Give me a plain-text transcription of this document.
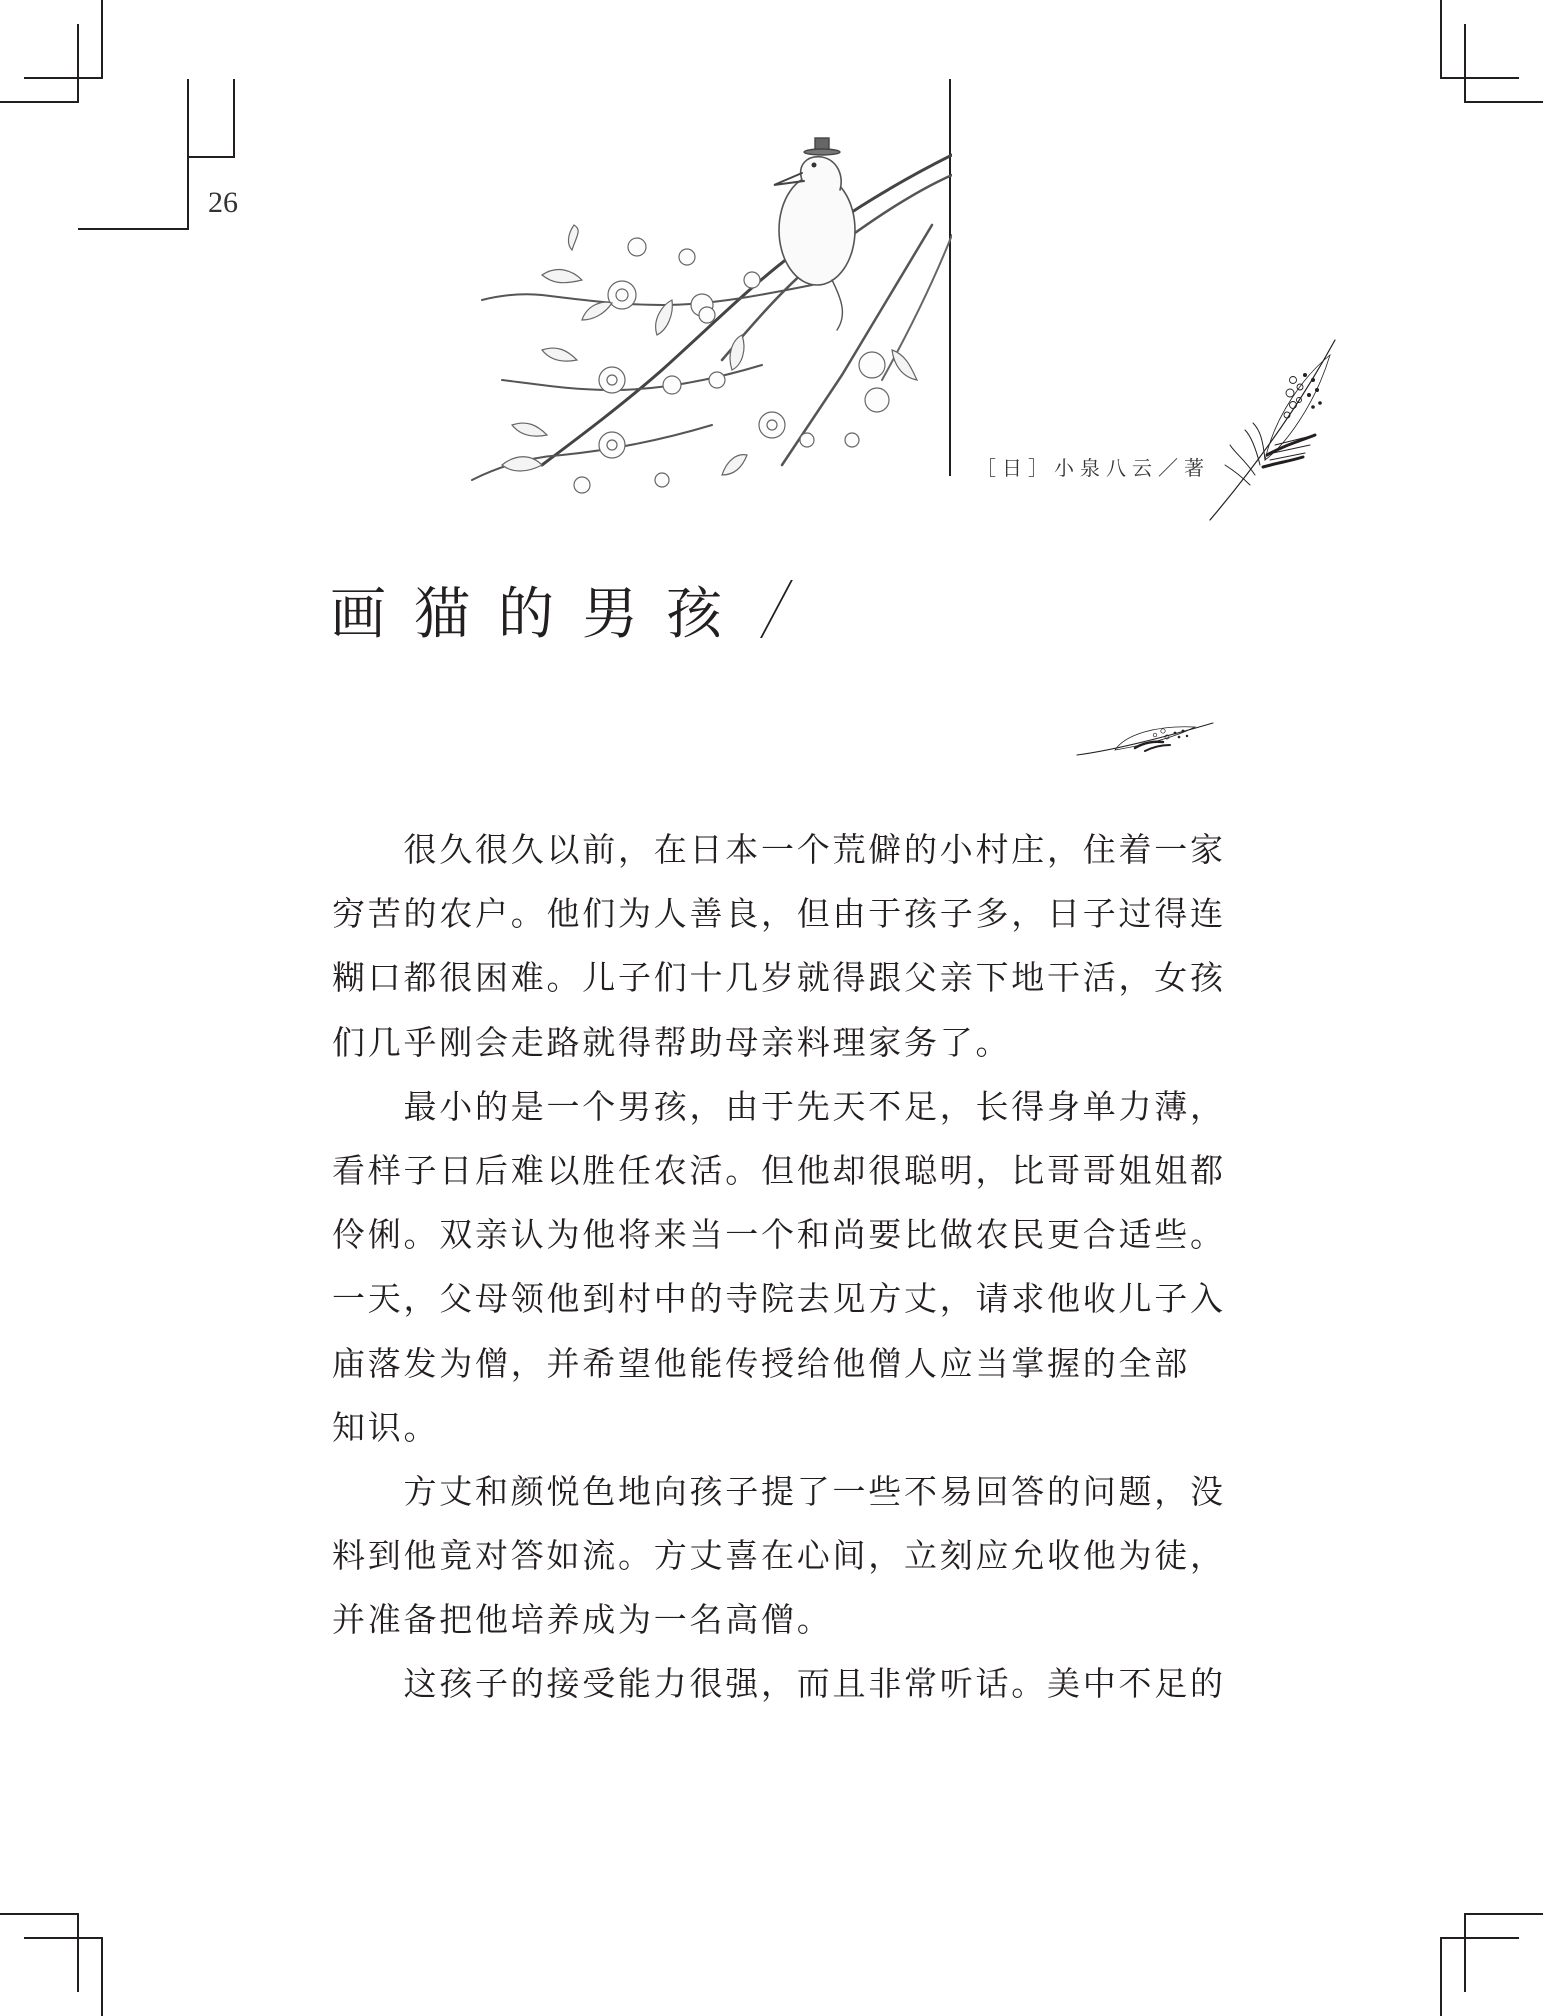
26
［日］小泉八云／著
画猫的男孩
　　很久很久以前，在日本一个荒僻的小村庄，住着一家
穷苦的农户。他们为人善良，但由于孩子多，日子过得连
糊口都很困难。儿子们十几岁就得跟父亲下地干活，女孩
们几乎刚会走路就得帮助母亲料理家务了。
　　最小的是一个男孩，由于先天不足，长得身单力薄，
看样子日后难以胜任农活。但他却很聪明，比哥哥姐姐都
伶俐。双亲认为他将来当一个和尚要比做农民更合适些。
一天，父母领他到村中的寺院去见方丈，请求他收儿子入
庙落发为僧，并希望他能传授给他僧人应当掌握的全部
知识。
　　方丈和颜悦色地向孩子提了一些不易回答的问题，没
料到他竟对答如流。方丈喜在心间，立刻应允收他为徒，
并准备把他培养成为一名高僧。
　　这孩子的接受能力很强，而且非常听话。美中不足的
